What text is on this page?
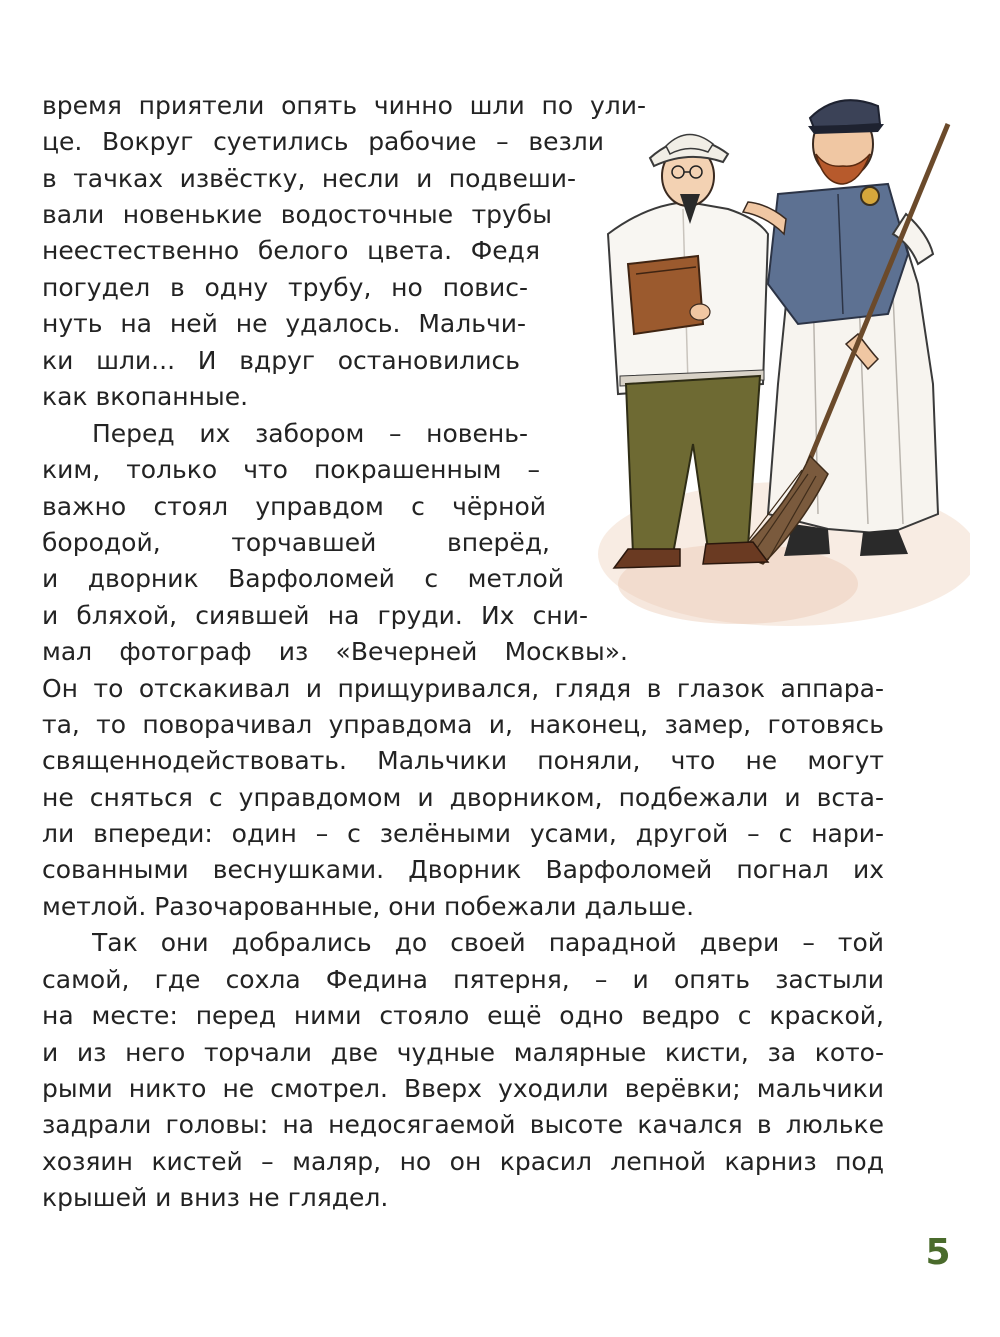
время приятели опять чинно шли по ули-
це. Вокруг суетились рабочие – везли
в тачках извёстку, несли и подвеши-
вали новенькие водосточные трубы
неестественно белого цвета. Федя
погудел в одну трубу, но повис-
нуть на ней не удалось. Мальчи-
ки шли... И вдруг остановились
как вкопанные.
Перед их забором – новень-
ким, только что покрашенным –
важно стоял управдом с чёрной
бородой, торчавшей вперёд,
и дворник Варфоломей с метлой
и бляхой, сиявшей на груди. Их сни-
мал фотограф из «Вечерней Москвы».
Он то отскакивал и прищуривался, глядя в глазок аппара-
та, то поворачивал управдома и, наконец, замер, готовясь
священнодействовать. Мальчики поняли, что не могут
не сняться с управдомом и дворником, подбежали и вста-
ли впереди: один – с зелёными усами, другой – с нари-
сованными веснушками. Дворник Варфоломей погнал их
метлой. Разочарованные, они побежали дальше.
Так они добрались до своей парадной двери – той
самой, где сохла Федина пятерня, – и опять застыли
на месте: перед ними стояло ещё одно ведро с краской,
и из него торчали две чудные малярные кисти, за кото-
рыми никто не смотрел. Вверх уходили верёвки; мальчики
задрали головы: на недосягаемой высоте качался в люльке
хозяин кистей – маляр, но он красил лепной карниз под
крышей и вниз не глядел.
5
